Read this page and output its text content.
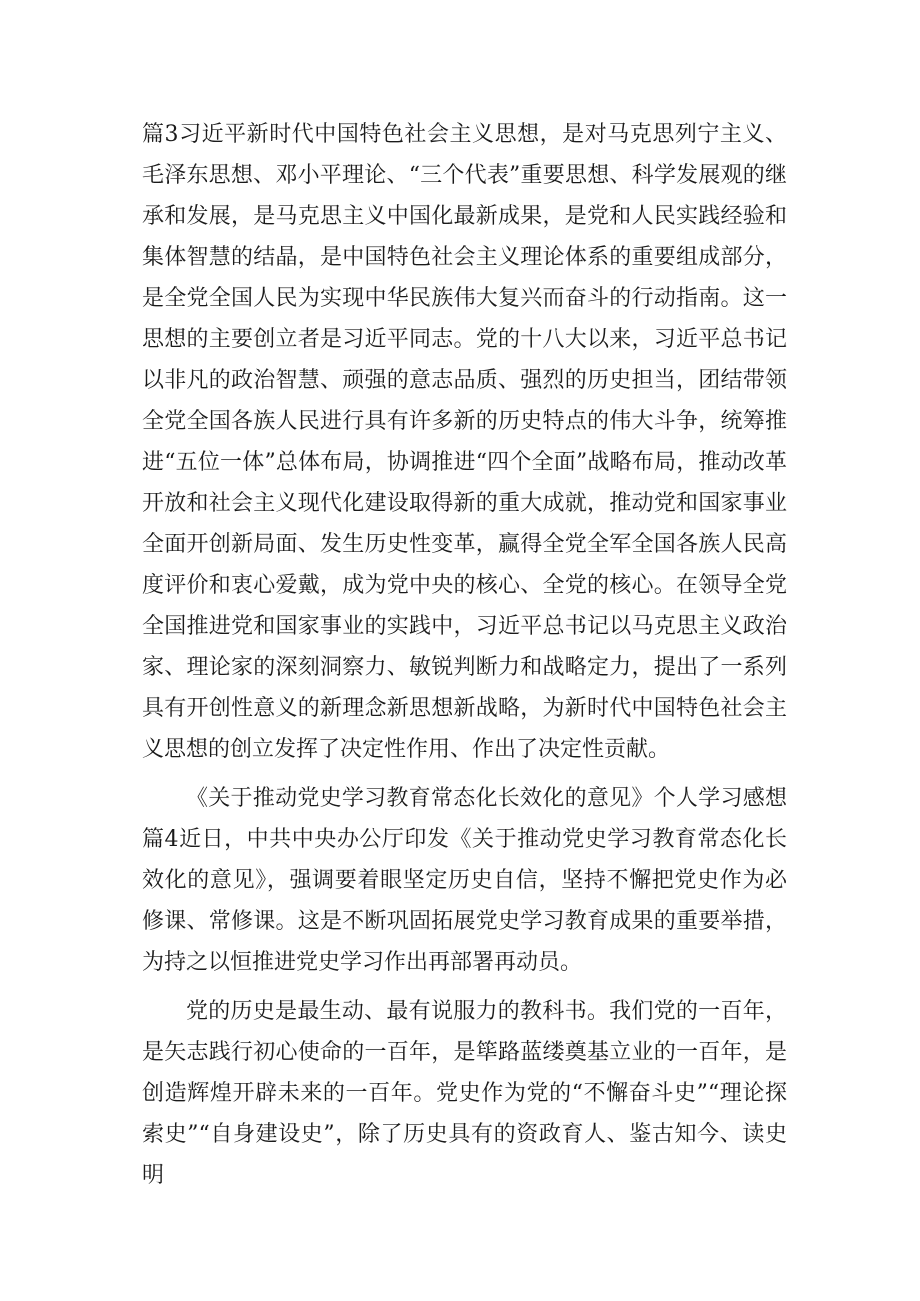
篇3习近平新时代中国特色社会主义思想，是对马克思列宁主义、毛泽东思想、邓小平理论、“三个代表”重要思想、科学发展观的继承和发展，是马克思主义中国化最新成果，是党和人民实践经验和集体智慧的结晶，是中国特色社会主义理论体系的重要组成部分，是全党全国人民为实现中华民族伟大复兴而奋斗的行动指南。这一思想的主要创立者是习近平同志。党的十八大以来，习近平总书记以非凡的政治智慧、顽强的意志品质、强烈的历史担当，团结带领全党全国各族人民进行具有许多新的历史特点的伟大斗争，统筹推进“五位一体”总体布局，协调推进“四个全面”战略布局，推动改革开放和社会主义现代化建设取得新的重大成就，推动党和国家事业全面开创新局面、发生历史性变革，赢得全党全军全国各族人民高度评价和衷心爱戴，成为党中央的核心、全党的核心。在领导全党全国推进党和国家事业的实践中，习近平总书记以马克思主义政治家、理论家的深刻洞察力、敏锐判断力和战略定力，提出了一系列具有开创性意义的新理念新思想新战略，为新时代中国特色社会主义思想的创立发挥了决定性作用、作出了决定性贡献。

《关于推动党史学习教育常态化长效化的意见》个人学习感想篇4近日，中共中央办公厅印发《关于推动党史学习教育常态化长效化的意见》，强调要着眼坚定历史自信，坚持不懈把党史作为必修课、常修课。这是不断巩固拓展党史学习教育成果的重要举措，为持之以恒推进党史学习作出再部署再动员。

党的历史是最生动、最有说服力的教科书。我们党的一百年，是矢志践行初心使命的一百年，是筚路蓝缕奠基立业的一百年，是创造辉煌开辟未来的一百年。党史作为党的“不懈奋斗史”“理论探索史”“自身建设史”，除了历史具有的资政育人、鉴古知今、读史明
